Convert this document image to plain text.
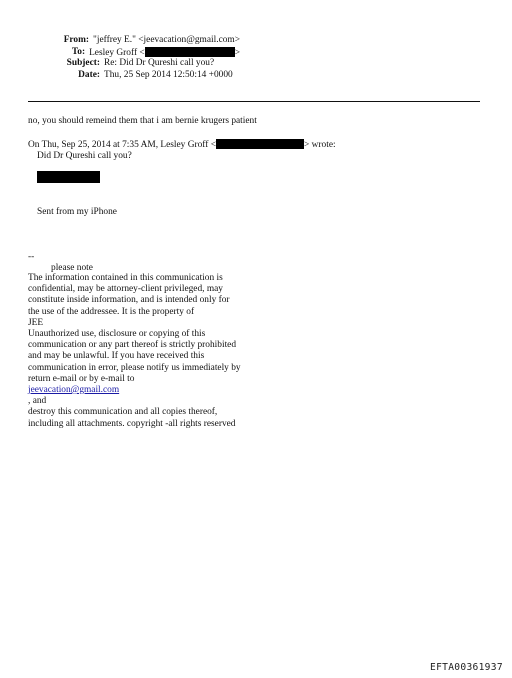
From: "jeffrey E." <jeevacation@gmail.com>
To: Lesley Groff <	>
Subject: Re: Did Dr Qureshi call you?
Date: Thu, 25 Sep 2014 12:50:14 +0000
no, you should remeind them that i am bernie krugers patient
On Thu, Sep 25, 2014 at 7:35 AM, Lesley Groff <	> wrote:
Did Dr Qureshi call you?
Sent from my iPhone
--
please note
The information contained in this communication is
confidential, may be attorney-client privileged, may
constitute inside information, and is intended only for
the use of the addressee. It is the property of
JEE
Unauthorized use, disclosure or copying of this
communication or any part thereof is strictly prohibited
and may be unlawful. If you have received this
communication in error, please notify us immediately by
return e-mail or by e-mail to
jeevacation@gmail.com
, and
destroy this communication and all copies thereof,
including all attachments. copyright -all rights reserved
EFTA00361937
